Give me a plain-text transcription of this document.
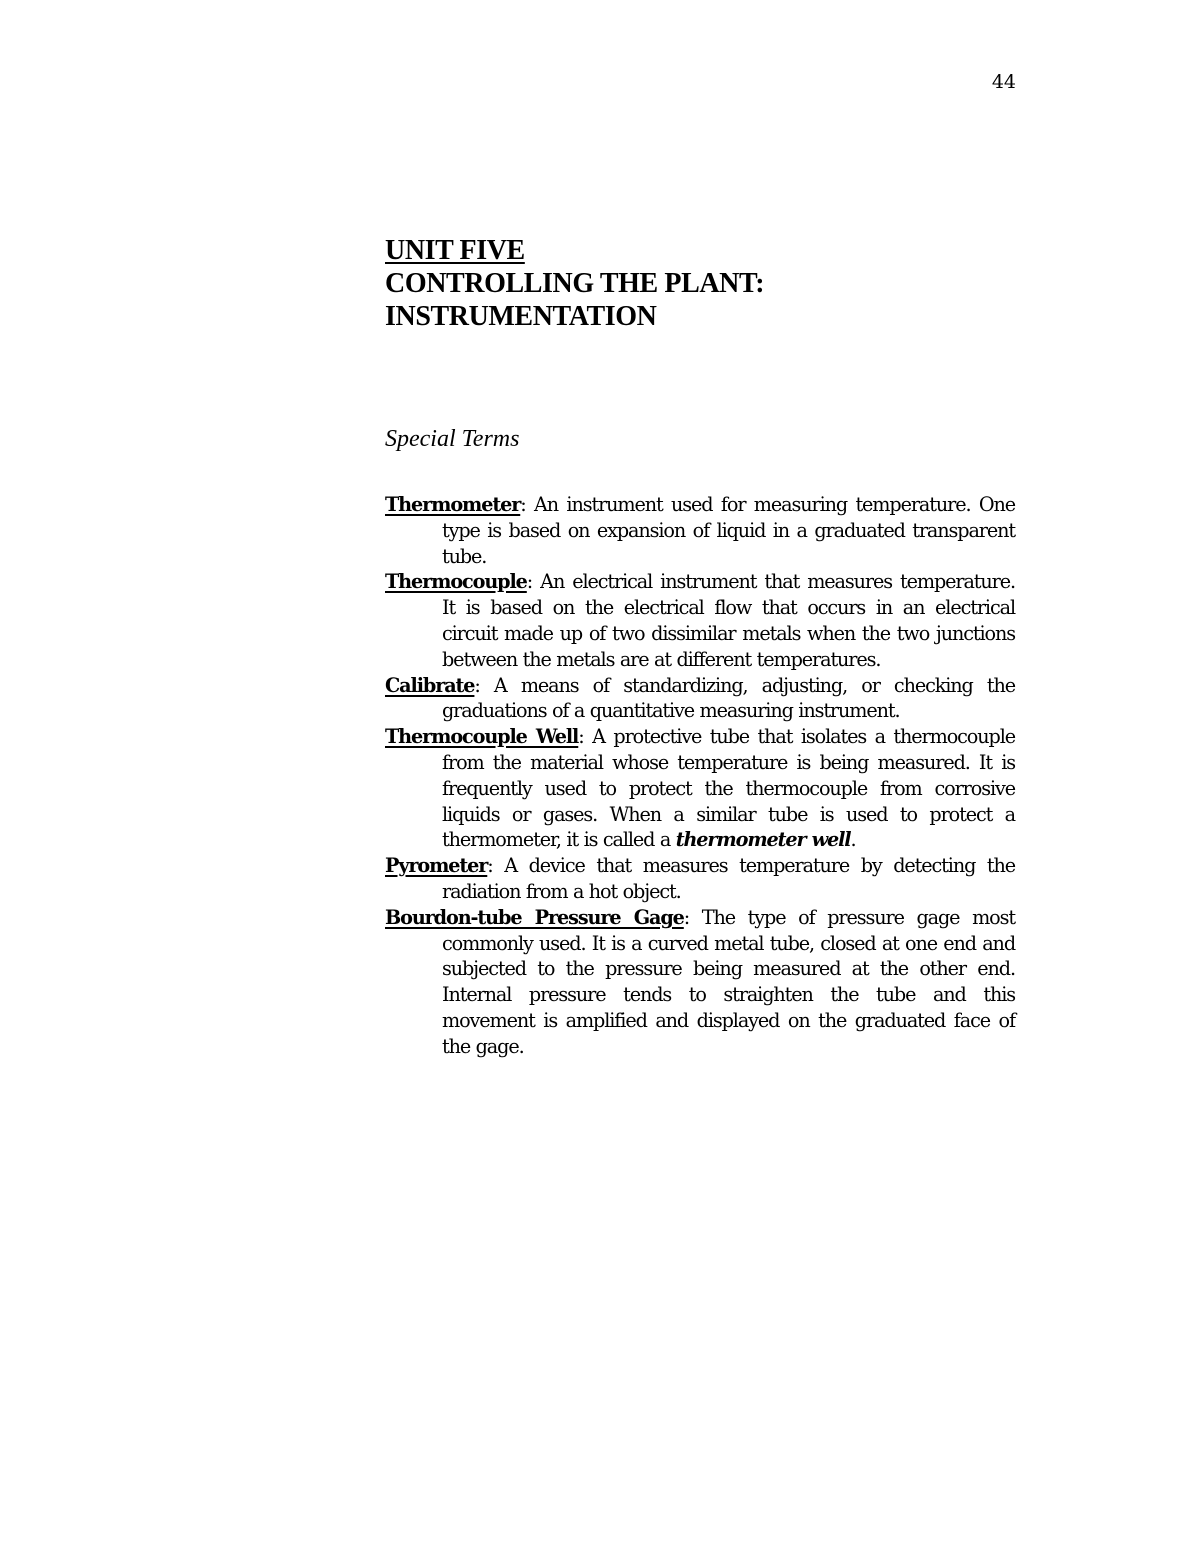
44
UNIT FIVE
CONTROLLING THE PLANT:
INSTRUMENTATION
Special Terms
Thermometer: An instrument used for measuring temperature. One type is based on expansion of liquid in a graduated transparent tube.
Thermocouple: An electrical instrument that measures temperature. It is based on the electrical flow that occurs in an electrical circuit made up of two dissimilar metals when the two junctions between the metals are at different temperatures.
Calibrate: A means of standardizing, adjusting, or checking the graduations of a quantitative measuring instrument.
Thermocouple Well: A protective tube that isolates a thermocouple from the material whose temperature is being measured. It is frequently used to protect the thermocouple from corrosive liquids or gases. When a similar tube is used to protect a thermometer, it is called a thermometer well.
Pyrometer: A device that measures temperature by detecting the radiation from a hot object.
Bourdon-tube Pressure Gage: The type of pressure gage most commonly used. It is a curved metal tube, closed at one end and subjected to the pressure being measured at the other end. Internal pressure tends to straighten the tube and this movement is amplified and displayed on the graduated face of the gage.
